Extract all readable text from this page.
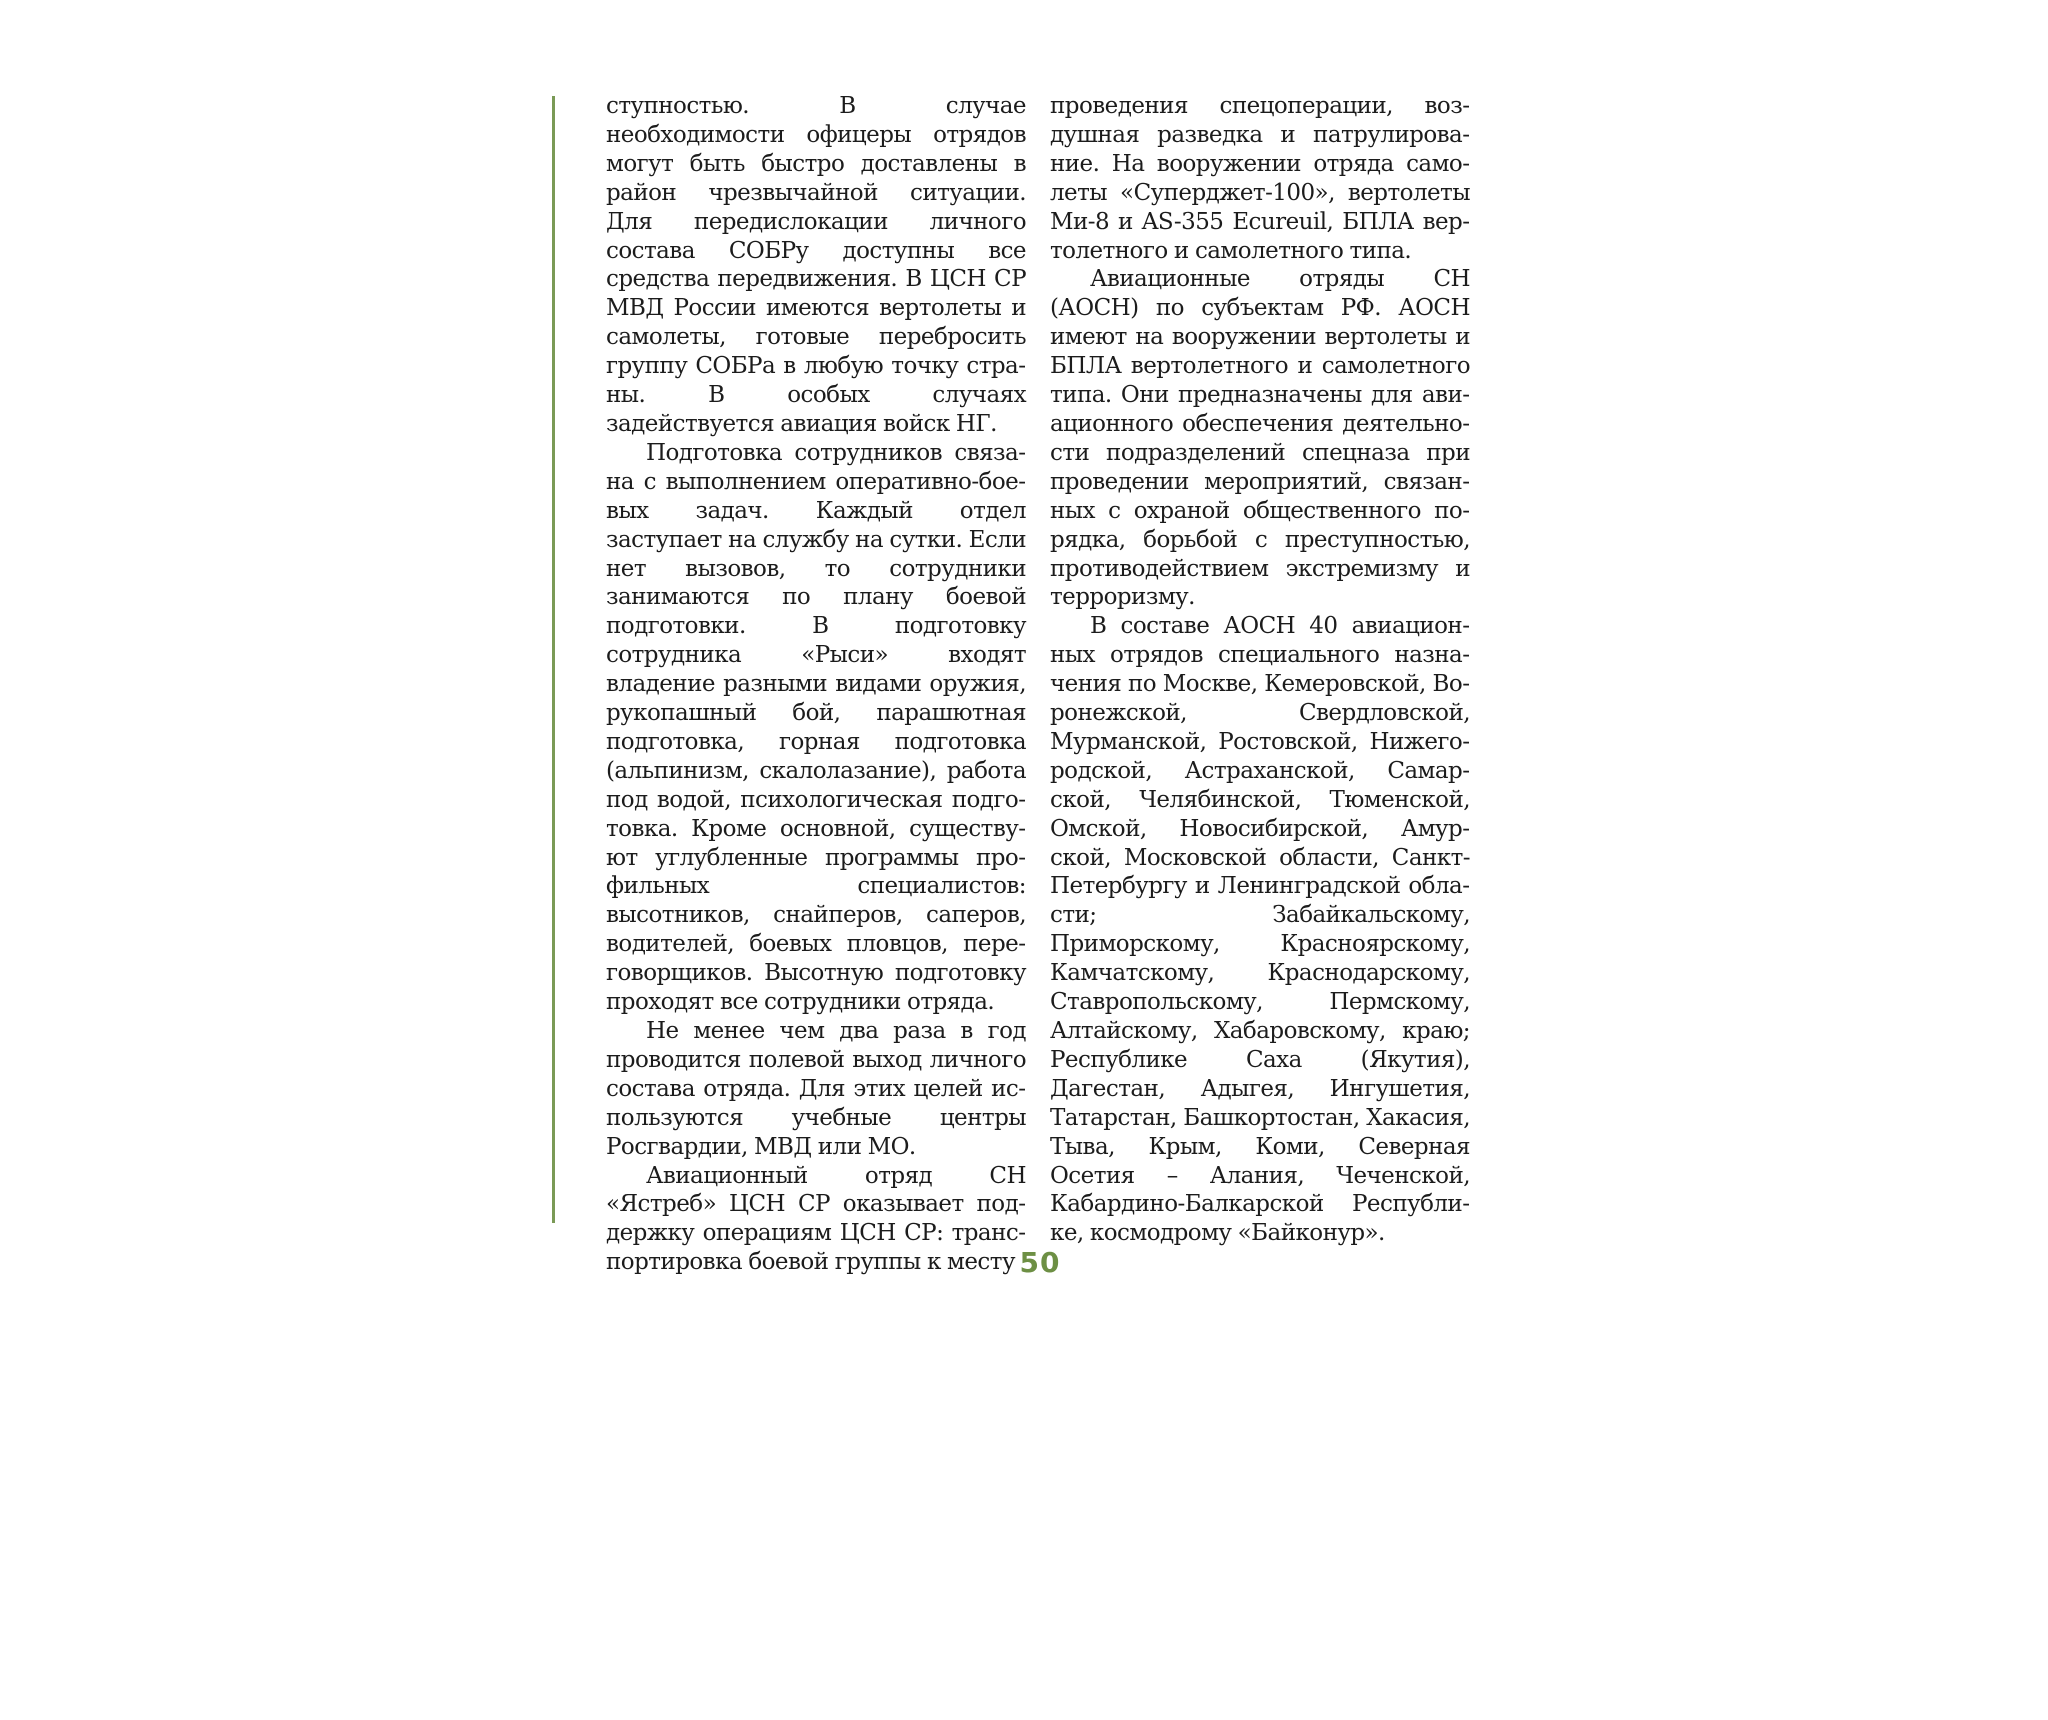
ступностью. В случае необходимости офицеры отрядов могут быть быстро доставлены в район чрезвычайной ситуации. Для передислокации личного состава СОБРу доступны все средства передвижения. В ЦСН СР МВД России имеются вертолеты и самолеты, готовые перебросить группу СОБРа в любую точку страны. В особых случаях задействуется авиация войск НГ.

Подготовка сотрудников связана с выполнением оперативно-боевых задач. Каждый отдел заступает на службу на сутки. Если нет вызовов, то сотрудники занимаются по плану боевой подготовки. В подготовку сотрудника «Рыси» входят владение разными видами оружия, рукопашный бой, парашютная подготовка, горная подготовка (альпинизм, скалолазание), работа под водой, психологическая подготовка. Кроме основной, существуют углубленные программы профильных специалистов: высотников, снайперов, саперов, водителей, боевых пловцов, переговорщиков. Высотную подготовку проходят все сотрудники отряда.

Не менее чем два раза в год проводится полевой выход личного состава отряда. Для этих целей используются учебные центры Росгвардии, МВД или МО.

Авиационный отряд СН «Ястреб» ЦСН СР оказывает поддержку операциям ЦСН СР: транспортировка боевой группы к месту

проведения спецоперации, воздушная разведка и патрулирование. На вооружении отряда самолеты «Суперджет-100», вертолеты Ми-8 и AS-355 Ecureuil, БПЛА вертолетного и самолетного типа.

Авиационные отряды СН (АОСН) по субъектам РФ. АОСН имеют на вооружении вертолеты и БПЛА вертолетного и самолетного типа. Они предназначены для авиационного обеспечения деятельности подразделений спецназа при проведении мероприятий, связанных с охраной общественного порядка, борьбой с преступностью, противодействием экстремизму и терроризму.

В составе АОСН 40 авиационных отрядов специального назначения по Москве, Кемеровской, Воронежской, Свердловской, Мурманской, Ростовской, Нижегородской, Астраханской, Самарской, Челябинской, Тюменской, Омской, Новосибирской, Амурской, Московской области, Санкт-Петербургу и Ленинградской области; Забайкальскому, Приморскому, Красноярскому, Камчатскому, Краснодарскому, Ставропольскому, Пермскому, Алтайскому, Хабаровскому, краю; Республике Саха (Якутия), Дагестан, Адыгея, Ингушетия, Татарстан, Башкортостан, Хакасия, Тыва, Крым, Коми, Северная Осетия – Алания, Чеченской, Кабардино-Балкарской Республике, космодрому «Байконур».

50
